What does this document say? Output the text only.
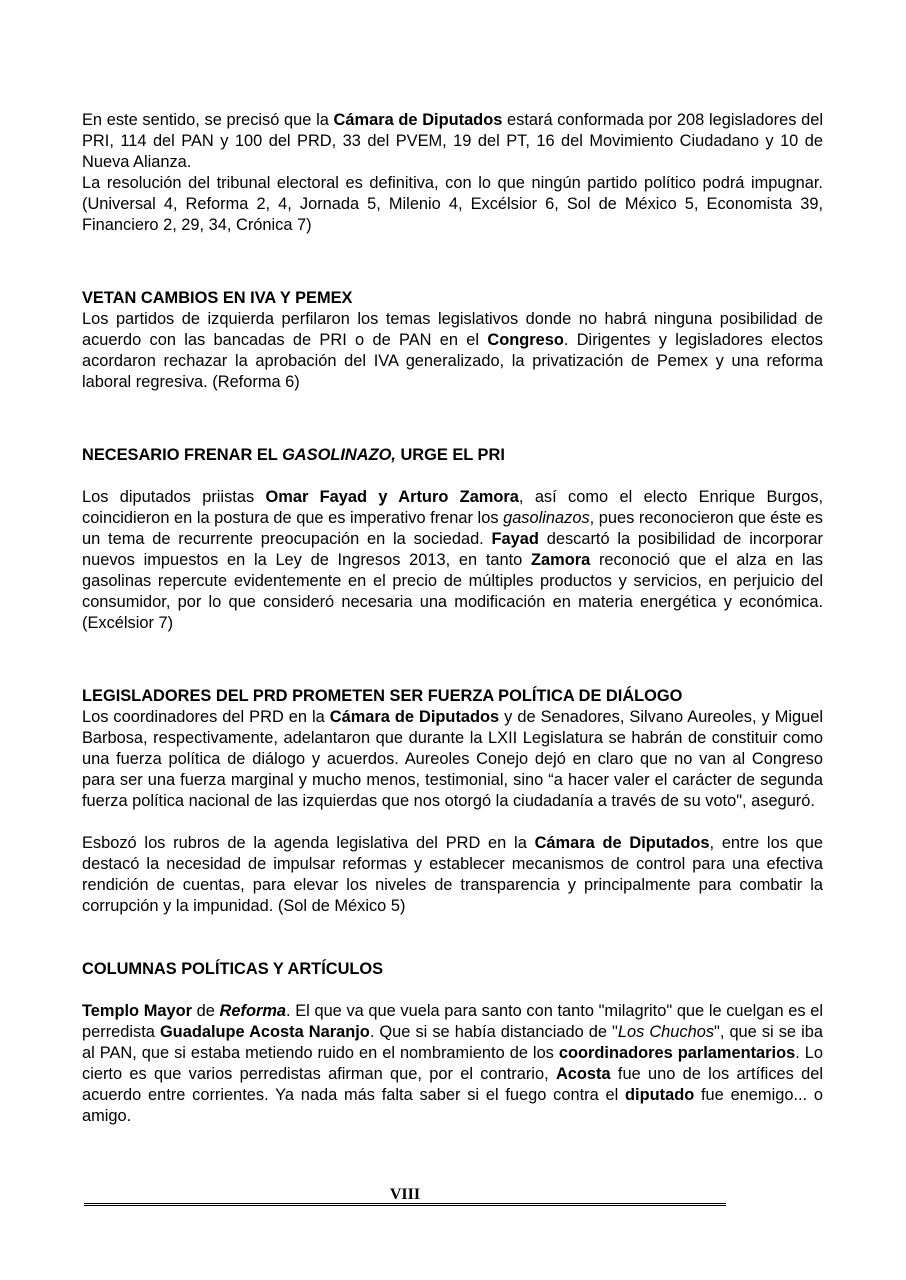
En este sentido, se precisó que la Cámara de Diputados estará conformada por 208 legisladores del PRI, 114 del PAN y 100 del PRD, 33 del PVEM, 19 del PT, 16 del Movimiento Ciudadano y 10 de Nueva Alianza.

La resolución del tribunal electoral es definitiva, con lo que ningún partido político podrá impugnar. (Universal 4, Reforma 2, 4, Jornada 5, Milenio 4, Excélsior 6, Sol de México 5, Economista 39, Financiero 2, 29, 34, Crónica 7)

VETAN CAMBIOS EN IVA Y PEMEX

Los partidos de izquierda perfilaron los temas legislativos donde no habrá ninguna posibilidad de acuerdo con las bancadas de PRI o de PAN en el Congreso. Dirigentes y legisladores electos acordaron rechazar la aprobación del IVA generalizado, la privatización de Pemex y una reforma laboral regresiva. (Reforma 6)

NECESARIO FRENAR EL GASOLINAZO, URGE EL PRI

Los diputados priistas Omar Fayad y Arturo Zamora, así como el electo Enrique Burgos, coincidieron en la postura de que es imperativo frenar los gasolinazos, pues reconocieron que éste es un tema de recurrente preocupación en la sociedad. Fayad descartó la posibilidad de incorporar nuevos impuestos en la Ley de Ingresos 2013, en tanto Zamora reconoció que el alza en las gasolinas repercute evidentemente en el precio de múltiples productos y servicios, en perjuicio del consumidor, por lo que consideró necesaria una modificación en materia energética y económica. (Excélsior 7)

LEGISLADORES DEL PRD PROMETEN SER FUERZA POLÍTICA DE DIÁLOGO

Los coordinadores del PRD en la Cámara de Diputados y de Senadores, Silvano Aureoles, y Miguel Barbosa, respectivamente, adelantaron que durante la LXII Legislatura se habrán de constituir como una fuerza política de diálogo y acuerdos. Aureoles Conejo dejó en claro que no van al Congreso para ser una fuerza marginal y mucho menos, testimonial, sino “a hacer valer el carácter de segunda fuerza política nacional de las izquierdas que nos otorgó la ciudadanía a través de su voto", aseguró.

Esbozó los rubros de la agenda legislativa del PRD en la Cámara de Diputados, entre los que destacó la necesidad de impulsar reformas y establecer mecanismos de control para una efectiva rendición de cuentas, para elevar los niveles de transparencia y principalmente para combatir la corrupción y la impunidad. (Sol de México 5)

COLUMNAS POLÍTICAS Y ARTÍCULOS

Templo Mayor de Reforma. El que va que vuela para santo con tanto "milagrito" que le cuelgan es el perredista Guadalupe Acosta Naranjo. Que si se había distanciado de "Los Chuchos", que si se iba al PAN, que si estaba metiendo ruido en el nombramiento de los coordinadores parlamentarios. Lo cierto es que varios perredistas afirman que, por el contrario, Acosta fue uno de los artífices del acuerdo entre corrientes. Ya nada más falta saber si el fuego contra el diputado fue enemigo... o amigo.

VIII
